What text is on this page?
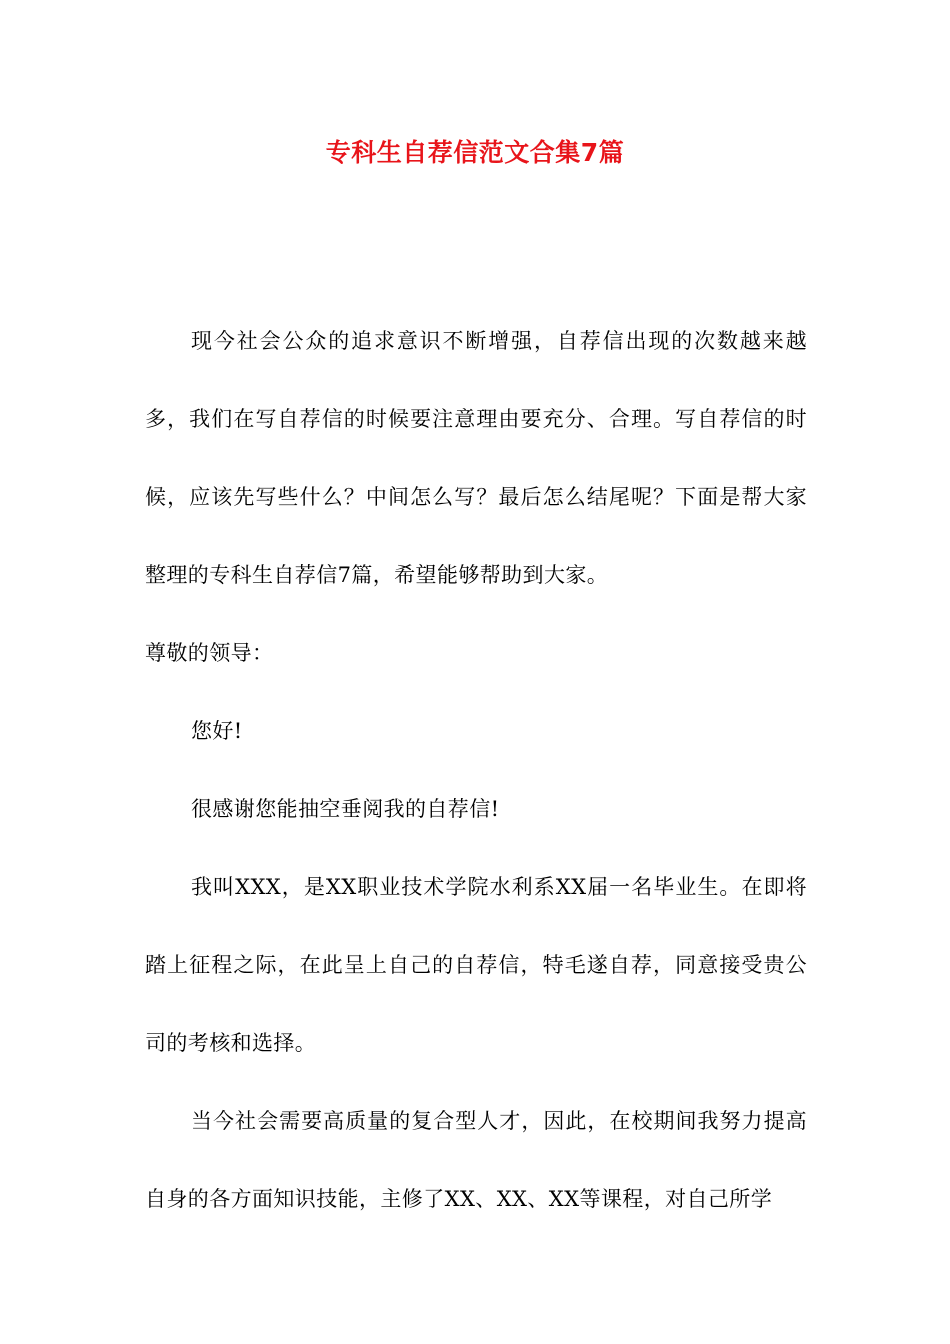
专科生自荐信范文合集7篇

现今社会公众的追求意识不断增强，自荐信出现的次数越来越多，我们在写自荐信的时候要注意理由要充分、合理。写自荐信的时候，应该先写些什么？中间怎么写？最后怎么结尾呢？下面是帮大家整理的专科生自荐信7篇，希望能够帮助到大家。

尊敬的领导：

您好!

很感谢您能抽空垂阅我的自荐信!

我叫XXX，是XX职业技术学院水利系XX届一名毕业生。在即将踏上征程之际，在此呈上自己的自荐信，特毛遂自荐，同意接受贵公司的考核和选择。

当今社会需要高质量的复合型人才，因此，在校期间我努力提高自身的各方面知识技能，主修了XX、XX、XX等课程，对自己所学
